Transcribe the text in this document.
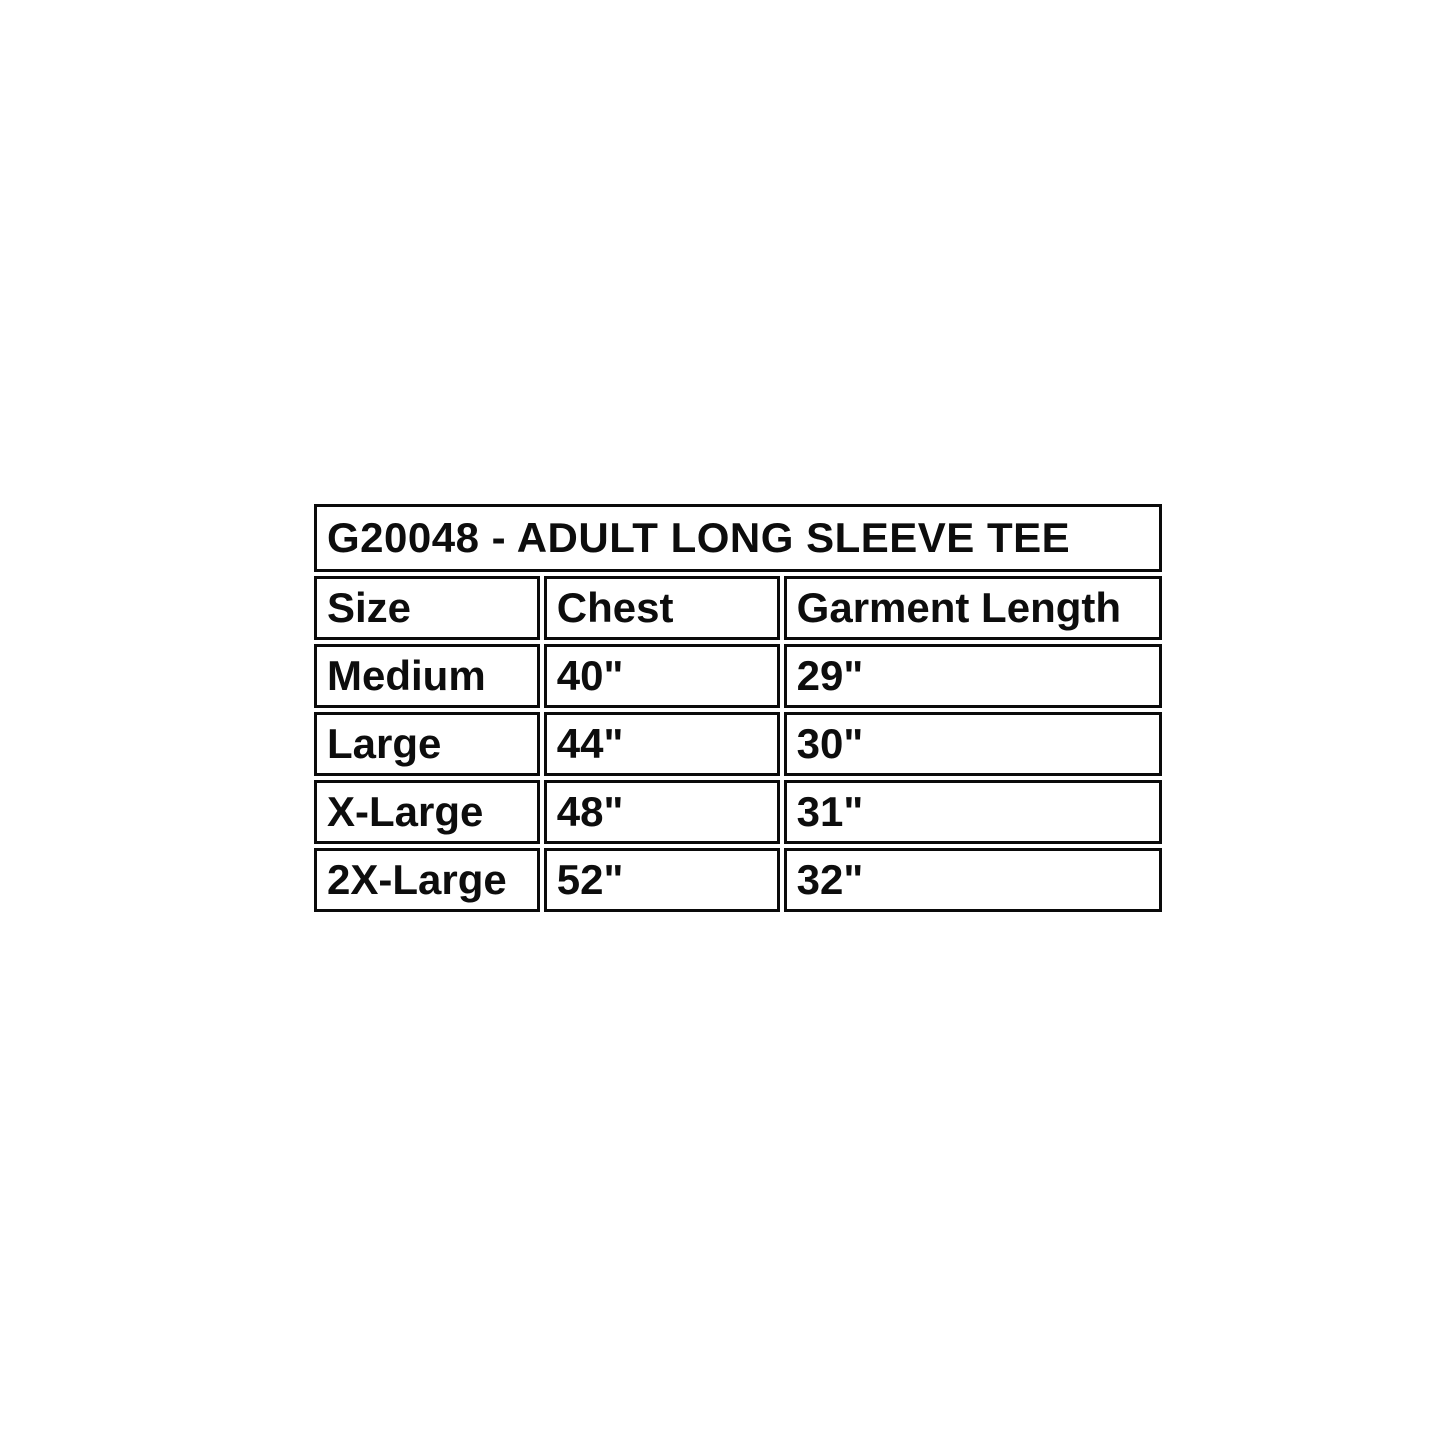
G20048 - ADULT LONG SLEEVE TEE		
Size	Chest	Garment Length
Medium	40"	29"
Large	44"	30"
X-Large	48"	31"
2X-Large	52"	32"
